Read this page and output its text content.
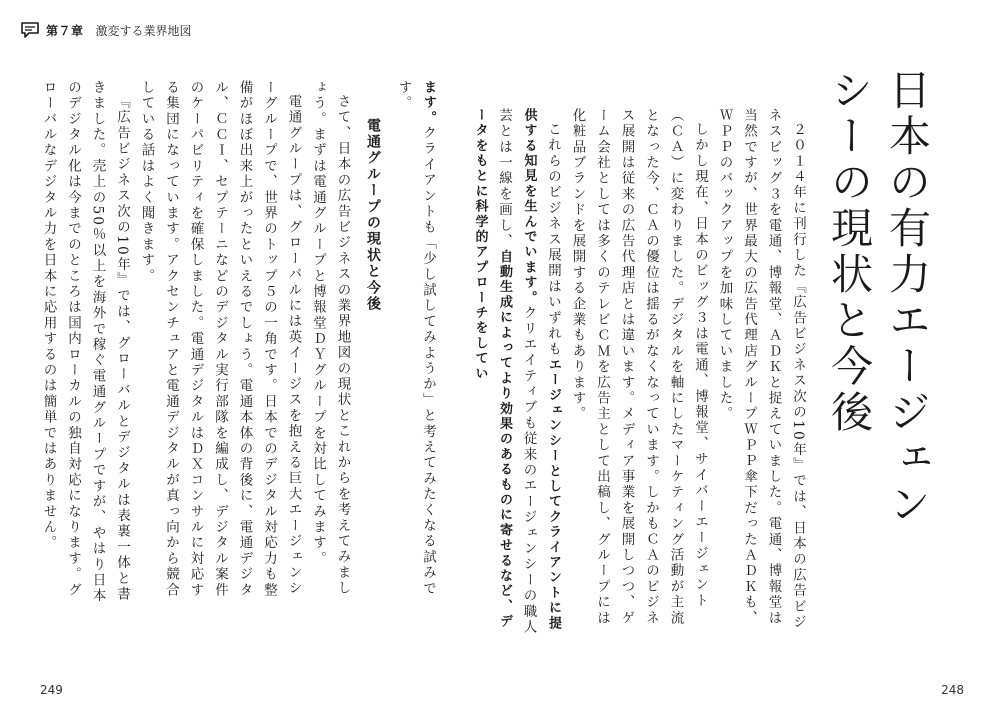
第７章 激変する業界地図
日本の有力エージェンシーの現状と今後
２０１４年に刊行した『広告ビジネス次の10年』では、日本の広告ビジネスビッグ３を電通、博報堂、ＡＤＫと捉えていました。電通、博報堂は当然ですが、世界最大の広告代理店グループＷＰＰ傘下だったＡＤＫも、ＷＰＰのバックアップを加味していました。
しかし現在、日本のビッグ３は電通、博報堂、サイバーエージェント（ＣＡ）に変わりました。デジタルを軸にしたマーケティング活動が主流となった今、ＣＡの優位は揺るがなくなっています。しかもＣＡのビジネス展開は従来の広告代理店とは違います。メディア事業を展開しつつ、ゲーム会社としては多くのテレビＣＭを広告主として出稿し、グループには化粧品ブランドを展開する企業もあります。
これらのビジネス展開はいずれもエージェンシーとしてクライアントに提供する知見を生んでいます。クリエイティブも従来のエージェンシーの職人芸とは一線を画し、自動生成によってより効果のあるものに寄せるなど、データをもとに科学的アプローチをしてい
ます。クライアントも「少し試してみようか」と考えてみたくなる試みです。
電通グループの現状と今後
さて、日本の広告ビジネスの業界地図の現状とこれからを考えてみましょう。まずは電通グループと博報堂ＤＹグループを対比してみます。
電通グループは、グローバルには英イージスを抱える巨大エージェンシーグループで、世界のトップ５の一角です。日本でのデジタル対応力も整備がほぼ出来上がったといえるでしょう。電通本体の背後に、電通デジタル、ＣＣＩ、セプテーニなどのデジタル実行部隊を編成し、デジタル案件のケーパビリティを確保しました。電通デジタルはＤＸコンサルに対応する集団になっています。アクセンチュアと電通デジタルが真っ向から競合している話はよく聞きます。
『広告ビジネス次の10年』では、グローバルとデジタルは表裏一体と書きました。売上の50％以上を海外で稼ぐ電通グループですが、やはり日本のデジタル化は今までのところは国内ローカルの独自対応になります。グローバルなデジタル力を日本に応用するのは簡単ではありません。
249	248
